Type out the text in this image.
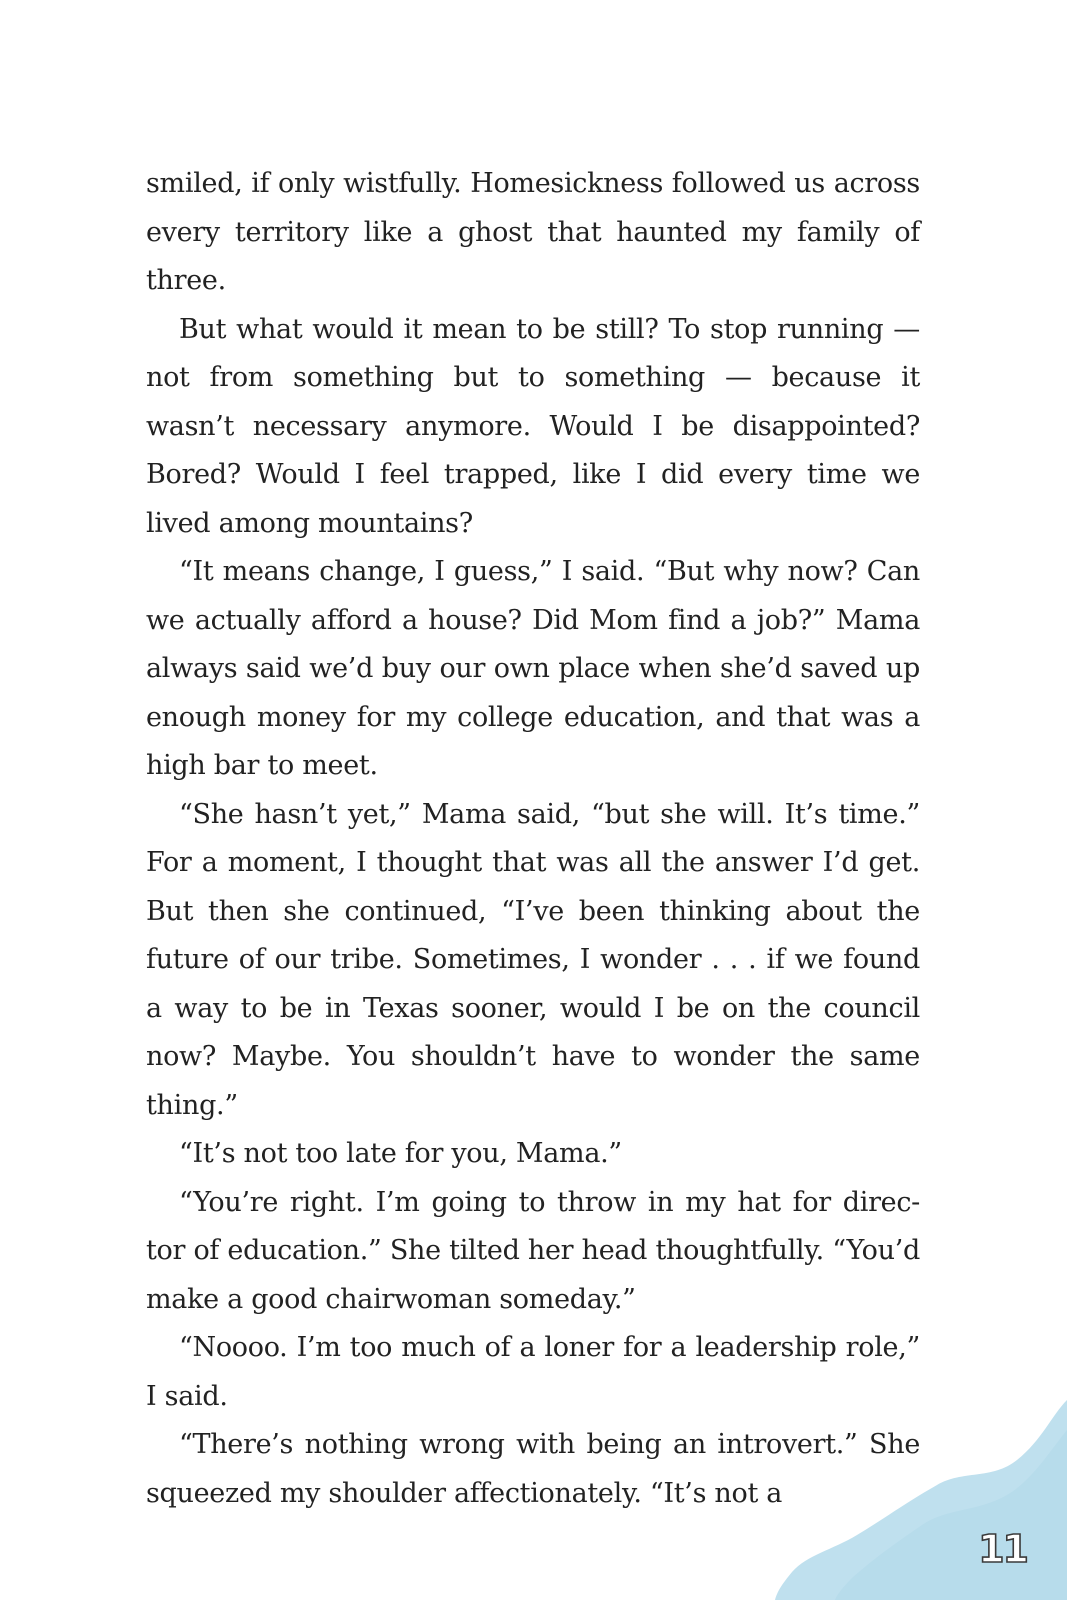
smiled, if only wistfully. Homesickness followed us across every territory like a ghost that haunted my family of three.

But what would it mean to be still? To stop running — not from something but to something — because it wasn’t necessary anymore. Would I be disappointed? Bored? Would I feel trapped, like I did every time we lived among mountains?

“It means change, I guess,” I said. “But why now? Can we actually afford a house? Did Mom find a job?” Mama always said we’d buy our own place when she’d saved up enough money for my college education, and that was a high bar to meet.

“She hasn’t yet,” Mama said, “but she will. It’s time.” For a moment, I thought that was all the answer I’d get. But then she continued, “I’ve been thinking about the future of our tribe. Sometimes, I wonder . . . if we found a way to be in Texas sooner, would I be on the council now? Maybe. You shouldn’t have to wonder the same thing.”

“It’s not too late for you, Mama.”

“You’re right. I’m going to throw in my hat for direc-tor of education.” She tilted her head thoughtfully. “You’d make a good chairwoman someday.”

“Noooo. I’m too much of a loner for a leadership role,” I said.

“There’s nothing wrong with being an introvert.” She squeezed my shoulder affectionately. “It’s not a

11
